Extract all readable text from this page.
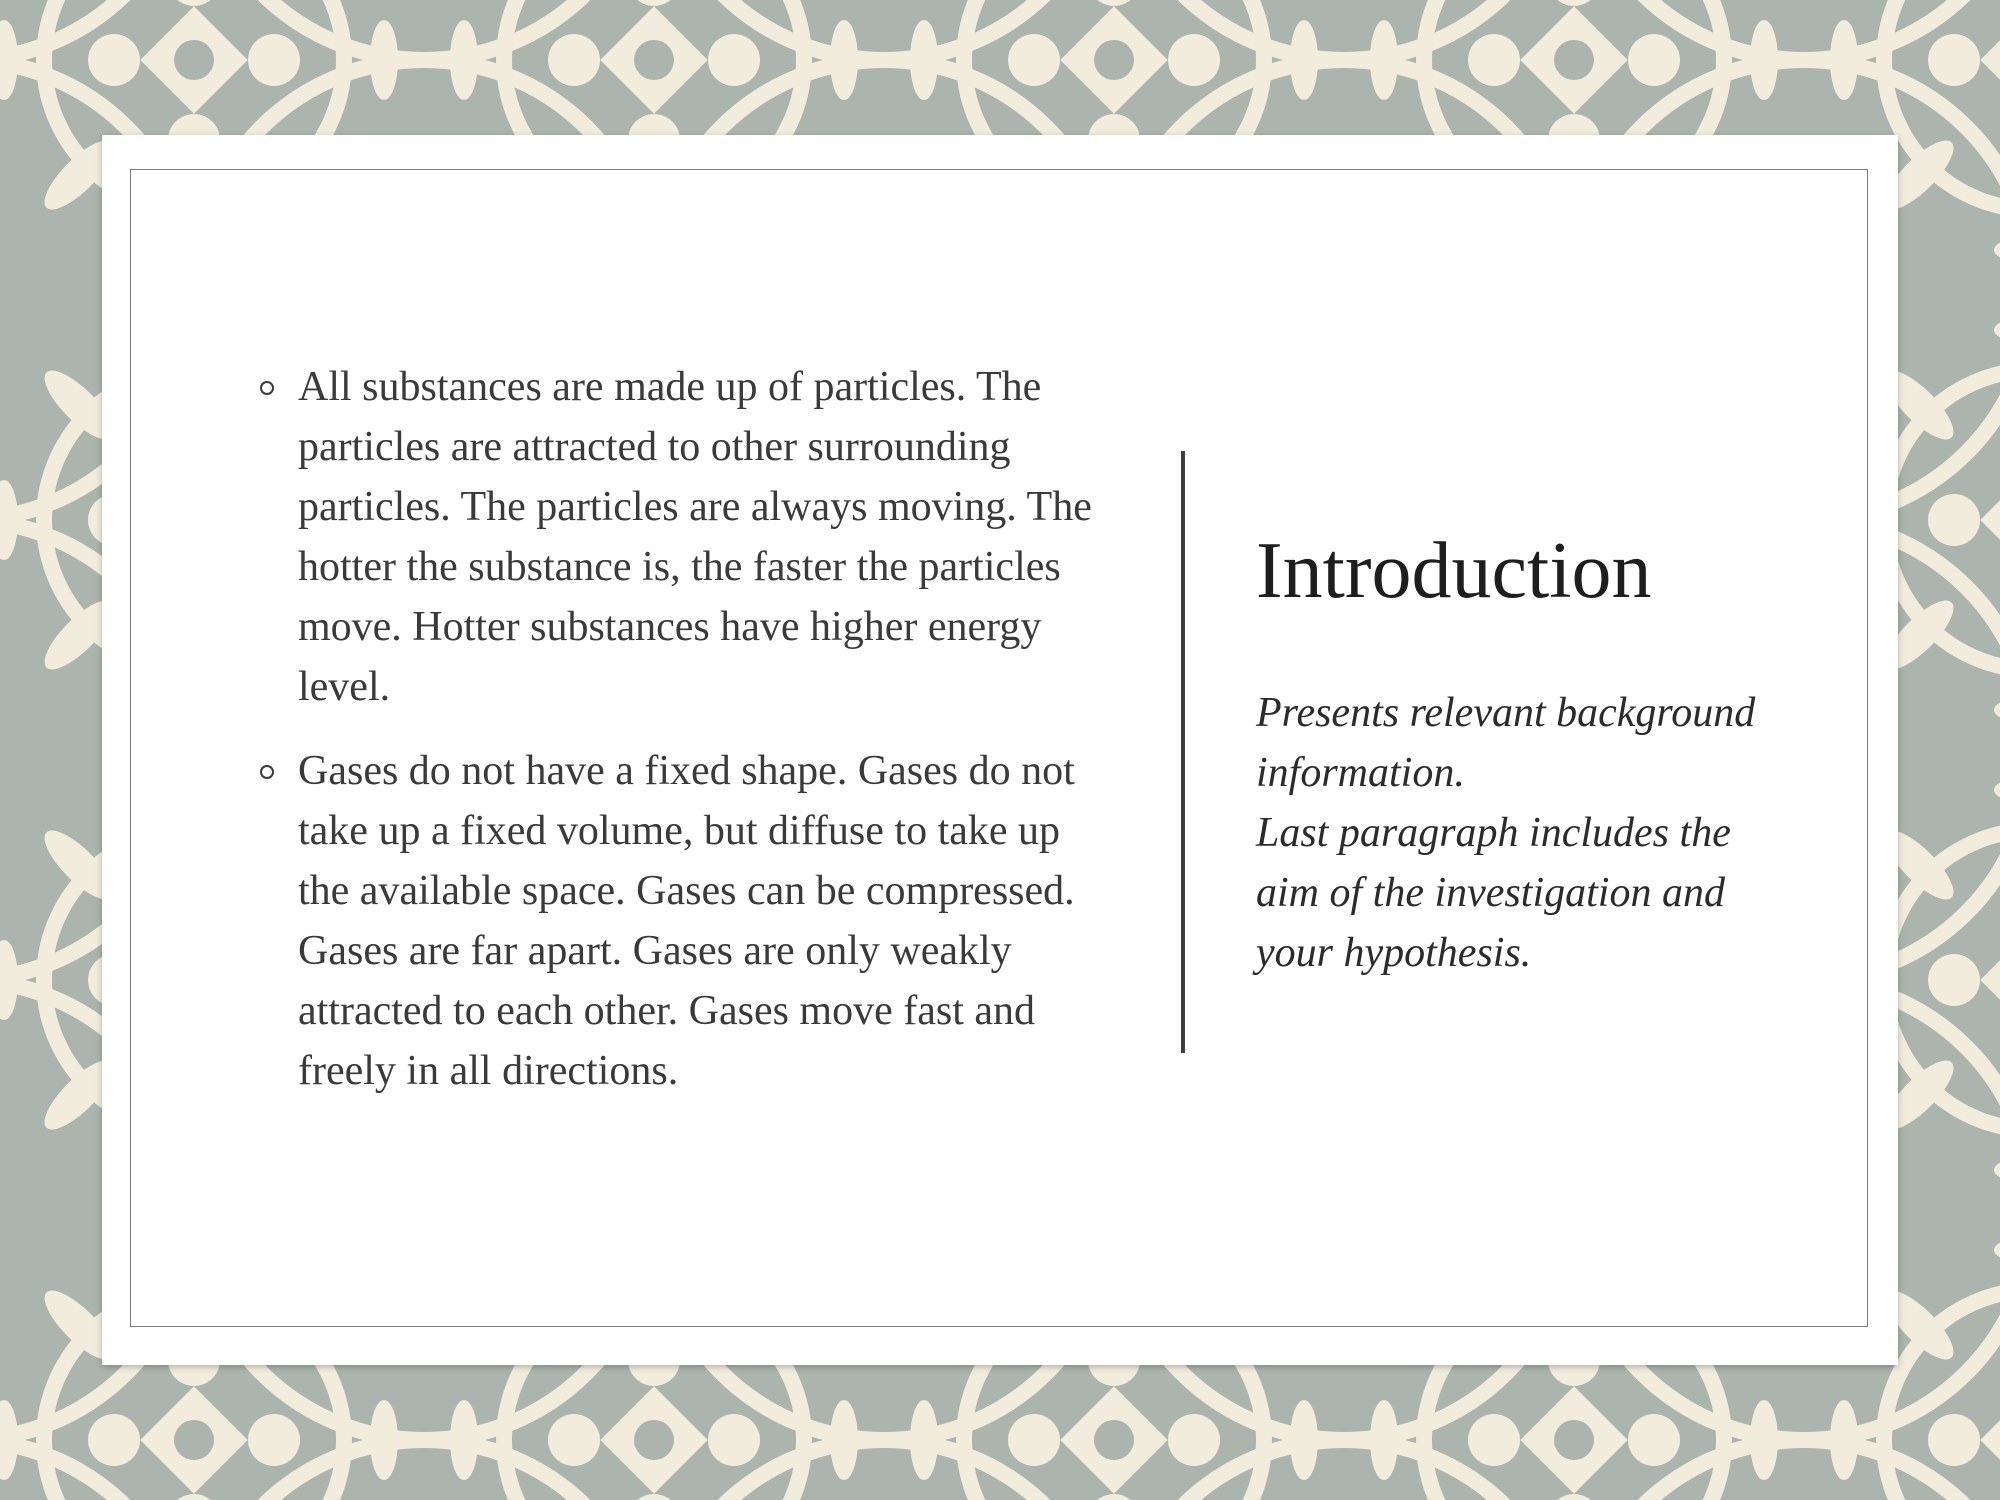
All substances are made up of particles. The particles are attracted to other surrounding particles. The particles are always moving. The hotter the substance is, the faster the particles move. Hotter substances have higher energy level.
Gases do not have a fixed shape. Gases do not take up a fixed volume, but diffuse to take up the available space. Gases can be compressed. Gases are far apart. Gases are only weakly attracted to each other. Gases move fast and freely in all directions.
Introduction
Presents relevant background
information.
Last paragraph includes the
aim of the investigation and
your hypothesis.
